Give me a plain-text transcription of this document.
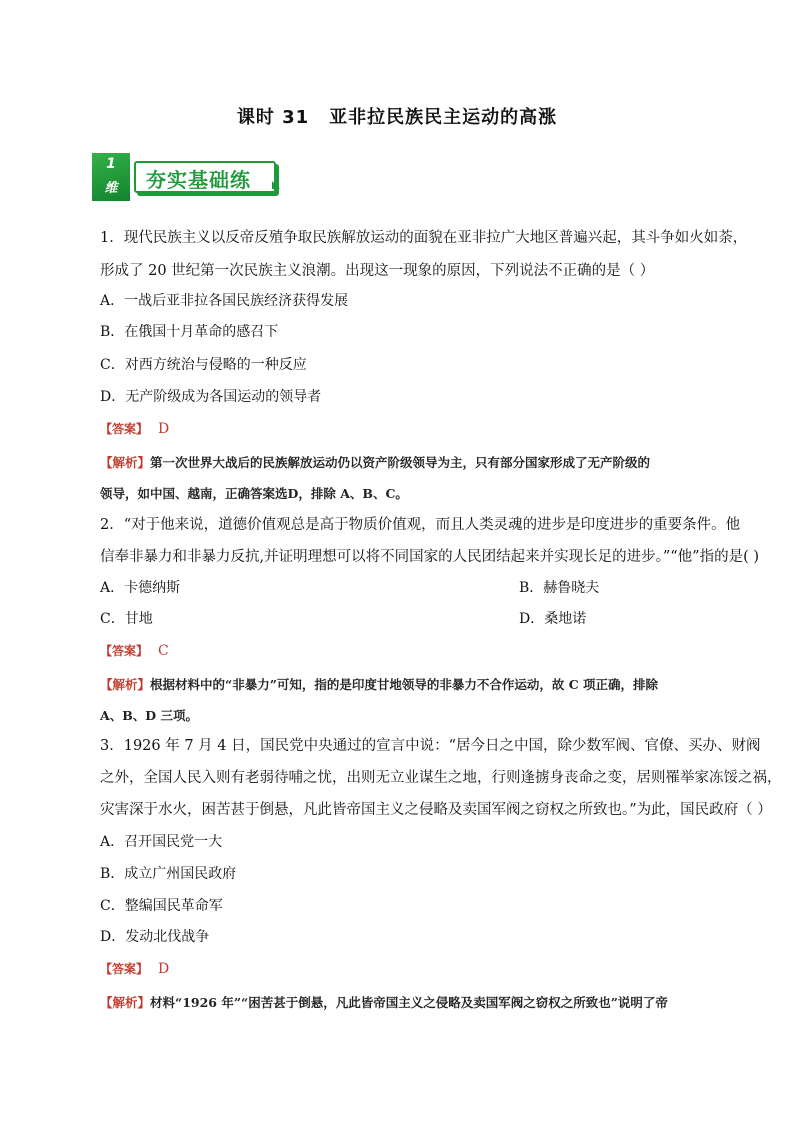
课时 31 亚非拉民族民主运动的高涨
1
维	夯实基础练
1．现代民族主义以反帝反殖争取民族解放运动的面貌在亚非拉广大地区普遍兴起，其斗争如火如荼，
形成了 20 世纪第一次民族主义浪潮。出现这一现象的原因，下列说法不正确的是（ ）
A．一战后亚非拉各国民族经济获得发展
B．在俄国十月革命的感召下
C．对西方统治与侵略的一种反应
D．无产阶级成为各国运动的领导者
【答案】 D
【解析】第一次世界大战后的民族解放运动仍以资产阶级领导为主，只有部分国家形成了无产阶级的
领导，如中国、越南，正确答案选D，排除 A、B、C。
2．“对于他来说，道德价值观总是高于物质价值观，而且人类灵魂的进步是印度进步的重要条件。他
信奉非暴力和非暴力反抗,并证明理想可以将不同国家的人民团结起来并实现长足的进步。”“他”指的是( )
A．卡德纳斯	B．赫鲁晓夫
C．甘地	D．桑地诺
【答案】 C
【解析】根据材料中的“非暴力”可知，指的是印度甘地领导的非暴力不合作运动，故 C 项正确，排除
A、B、D 三项。
3．1926 年 7 月 4 日，国民党中央通过的宣言中说：“居今日之中国，除少数军阀、官僚、买办、财阀
之外，全国人民入则有老弱待哺之忧，出则无立业谋生之地，行则逢掳身丧命之变，居则罹举家冻馁之祸，
灾害深于水火，困苦甚于倒悬，凡此皆帝国主义之侵略及卖国军阀之窃权之所致也。”为此，国民政府（ ）
A．召开国民党一大
B．成立广州国民政府
C．整编国民革命军
D．发动北伐战争
【答案】 D
【解析】材料“1926 年”“困苦甚于倒悬，凡此皆帝国主义之侵略及卖国军阀之窃权之所致也”说明了帝
